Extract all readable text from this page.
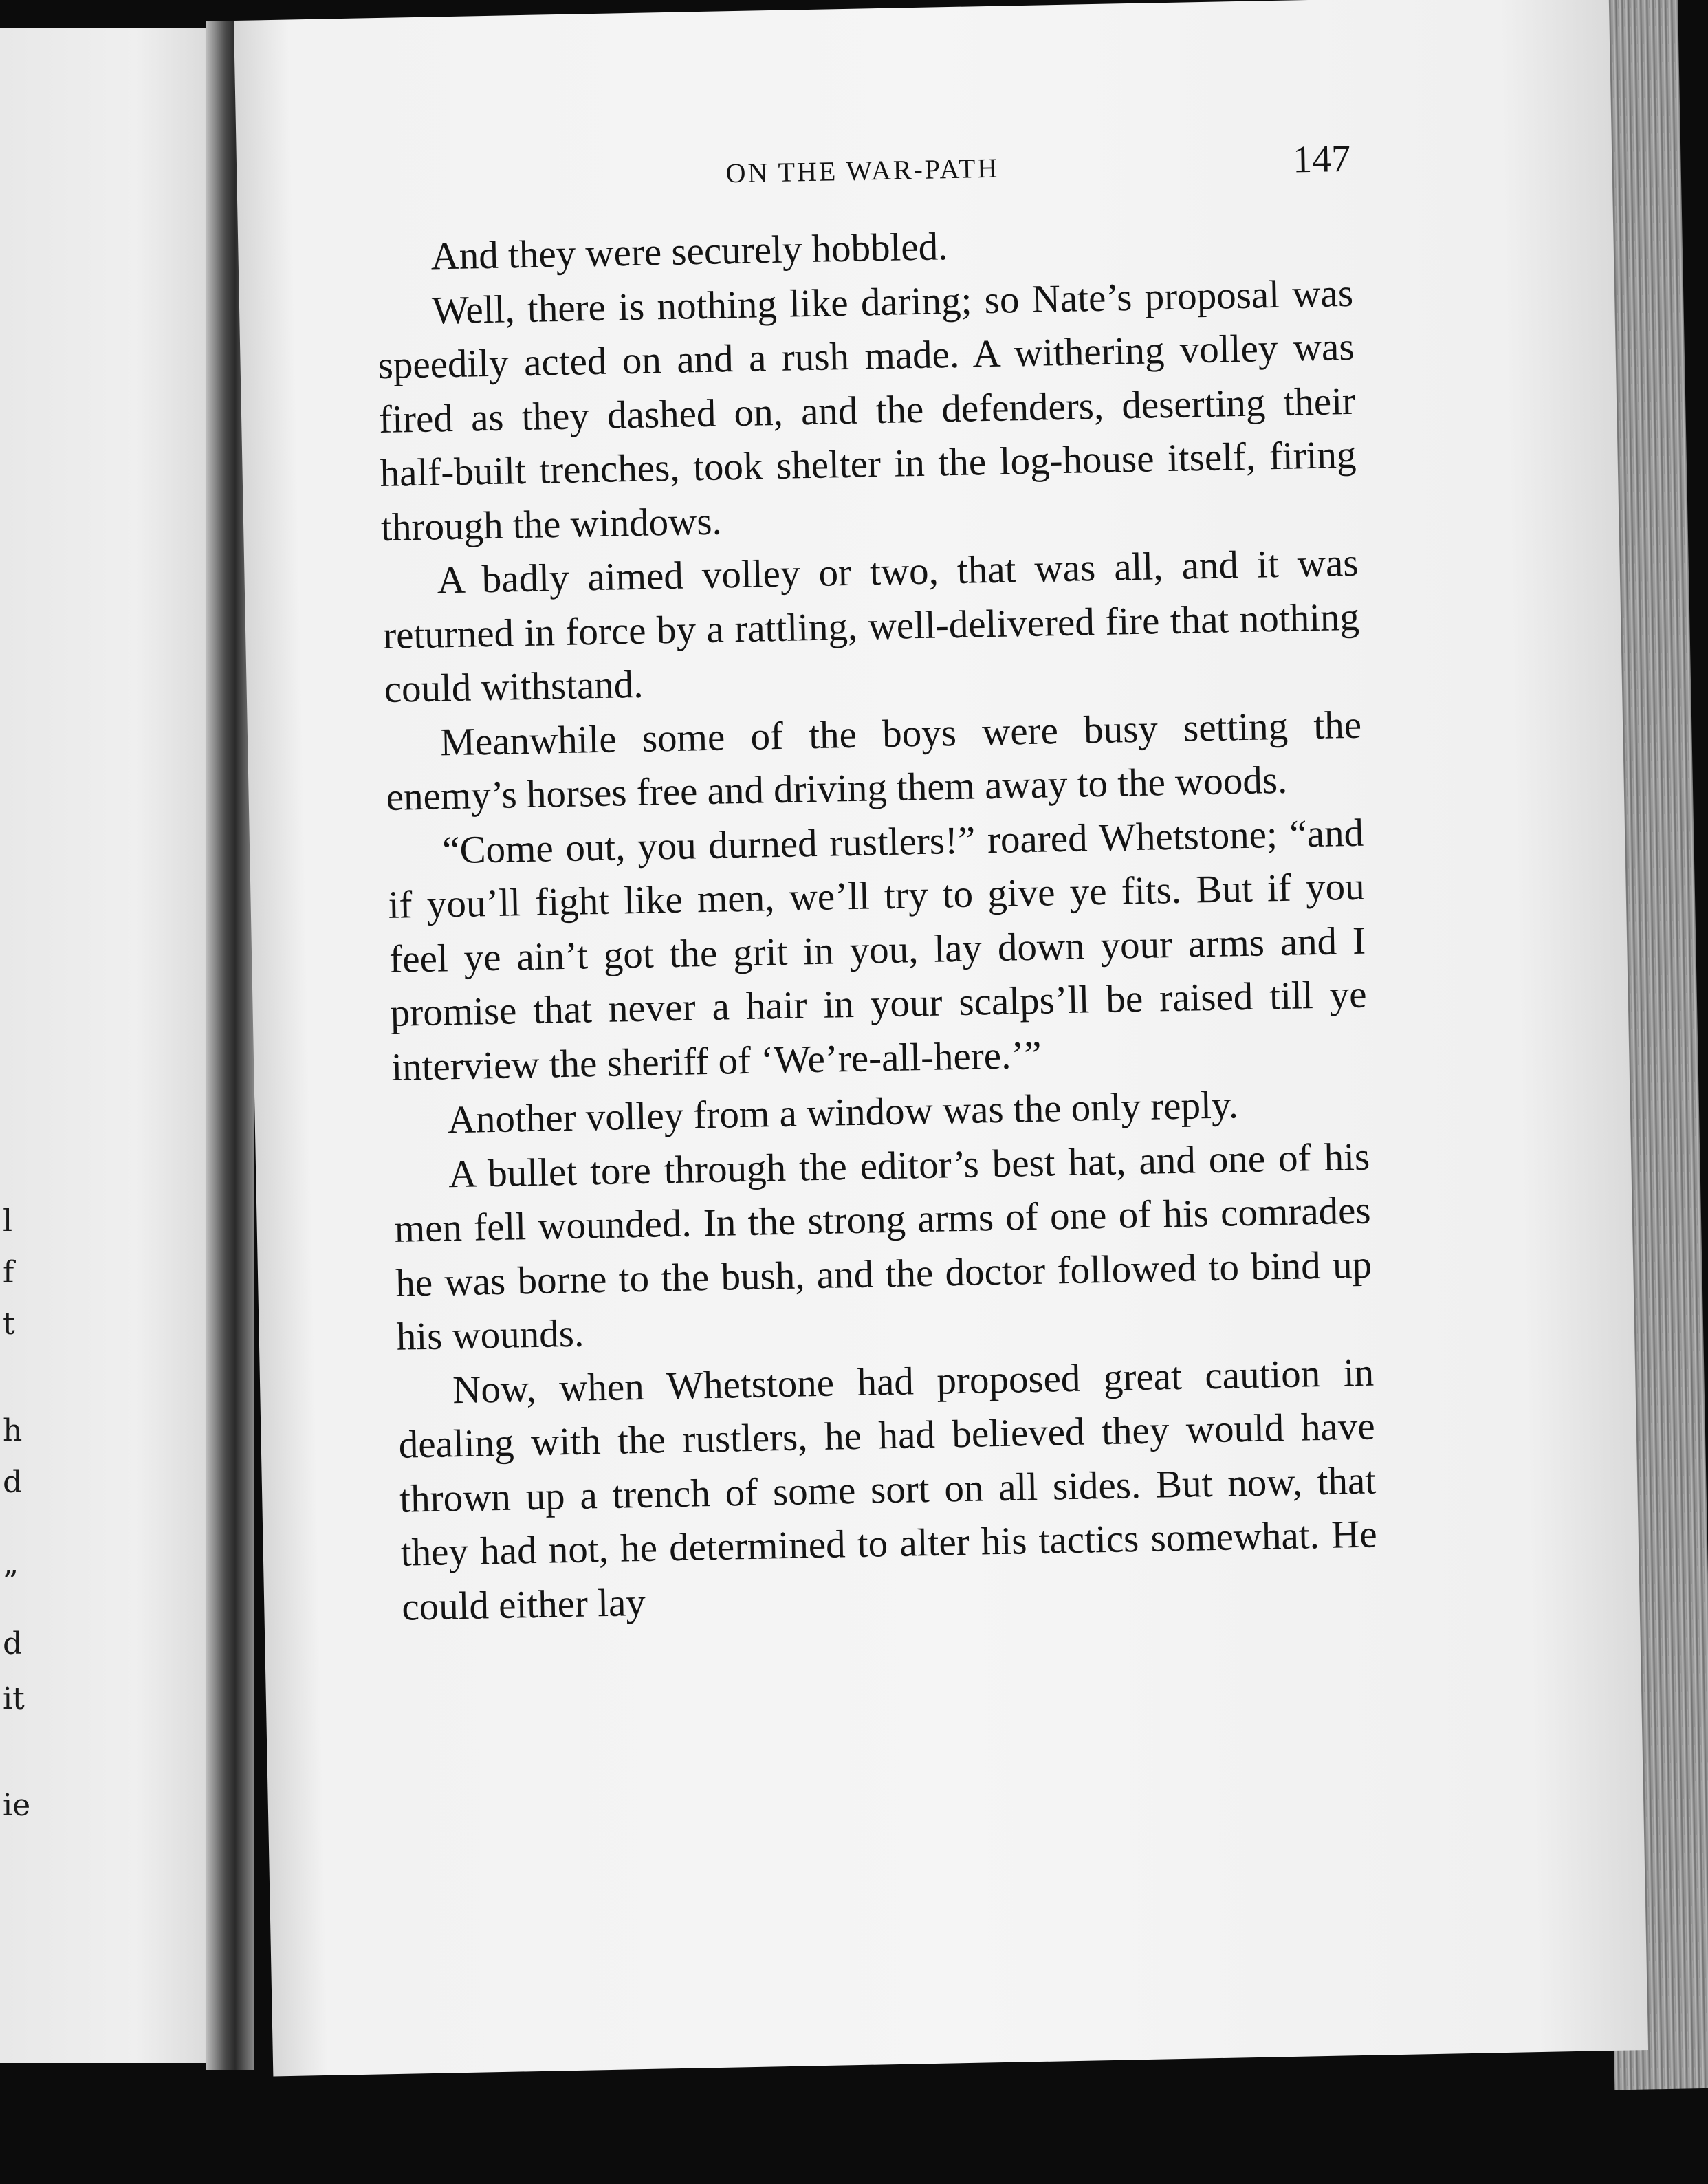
l
f
t
h
d
”
d
it
ie
ON THE WAR-PATH	147

And they were securely hobbled.

Well, there is nothing like daring; so Nate’s proposal was speedily acted on and a rush made. A withering volley was fired as they dashed on, and the defenders, deserting their half-built trenches, took shelter in the log-house itself, firing through the windows.

A badly aimed volley or two, that was all, and it was returned in force by a rattling, well-delivered fire that nothing could withstand.

Meanwhile some of the boys were busy setting the enemy’s horses free and driving them away to the woods.

“Come out, you durned rustlers!” roared Whetstone; “and if you’ll fight like men, we’ll try to give ye fits. But if you feel ye ain’t got the grit in you, lay down your arms and I promise that never a hair in your scalps’ll be raised till ye interview the sheriff of ‘We’re-all-here.’”

Another volley from a window was the only reply.

A bullet tore through the editor’s best hat, and one of his men fell wounded. In the strong arms of one of his comrades he was borne to the bush, and the doctor followed to bind up his wounds.

Now, when Whetstone had proposed great caution in dealing with the rustlers, he had believed they would have thrown up a trench of some sort on all sides. But now, that they had not, he determined to alter his tactics somewhat. He could either lay
